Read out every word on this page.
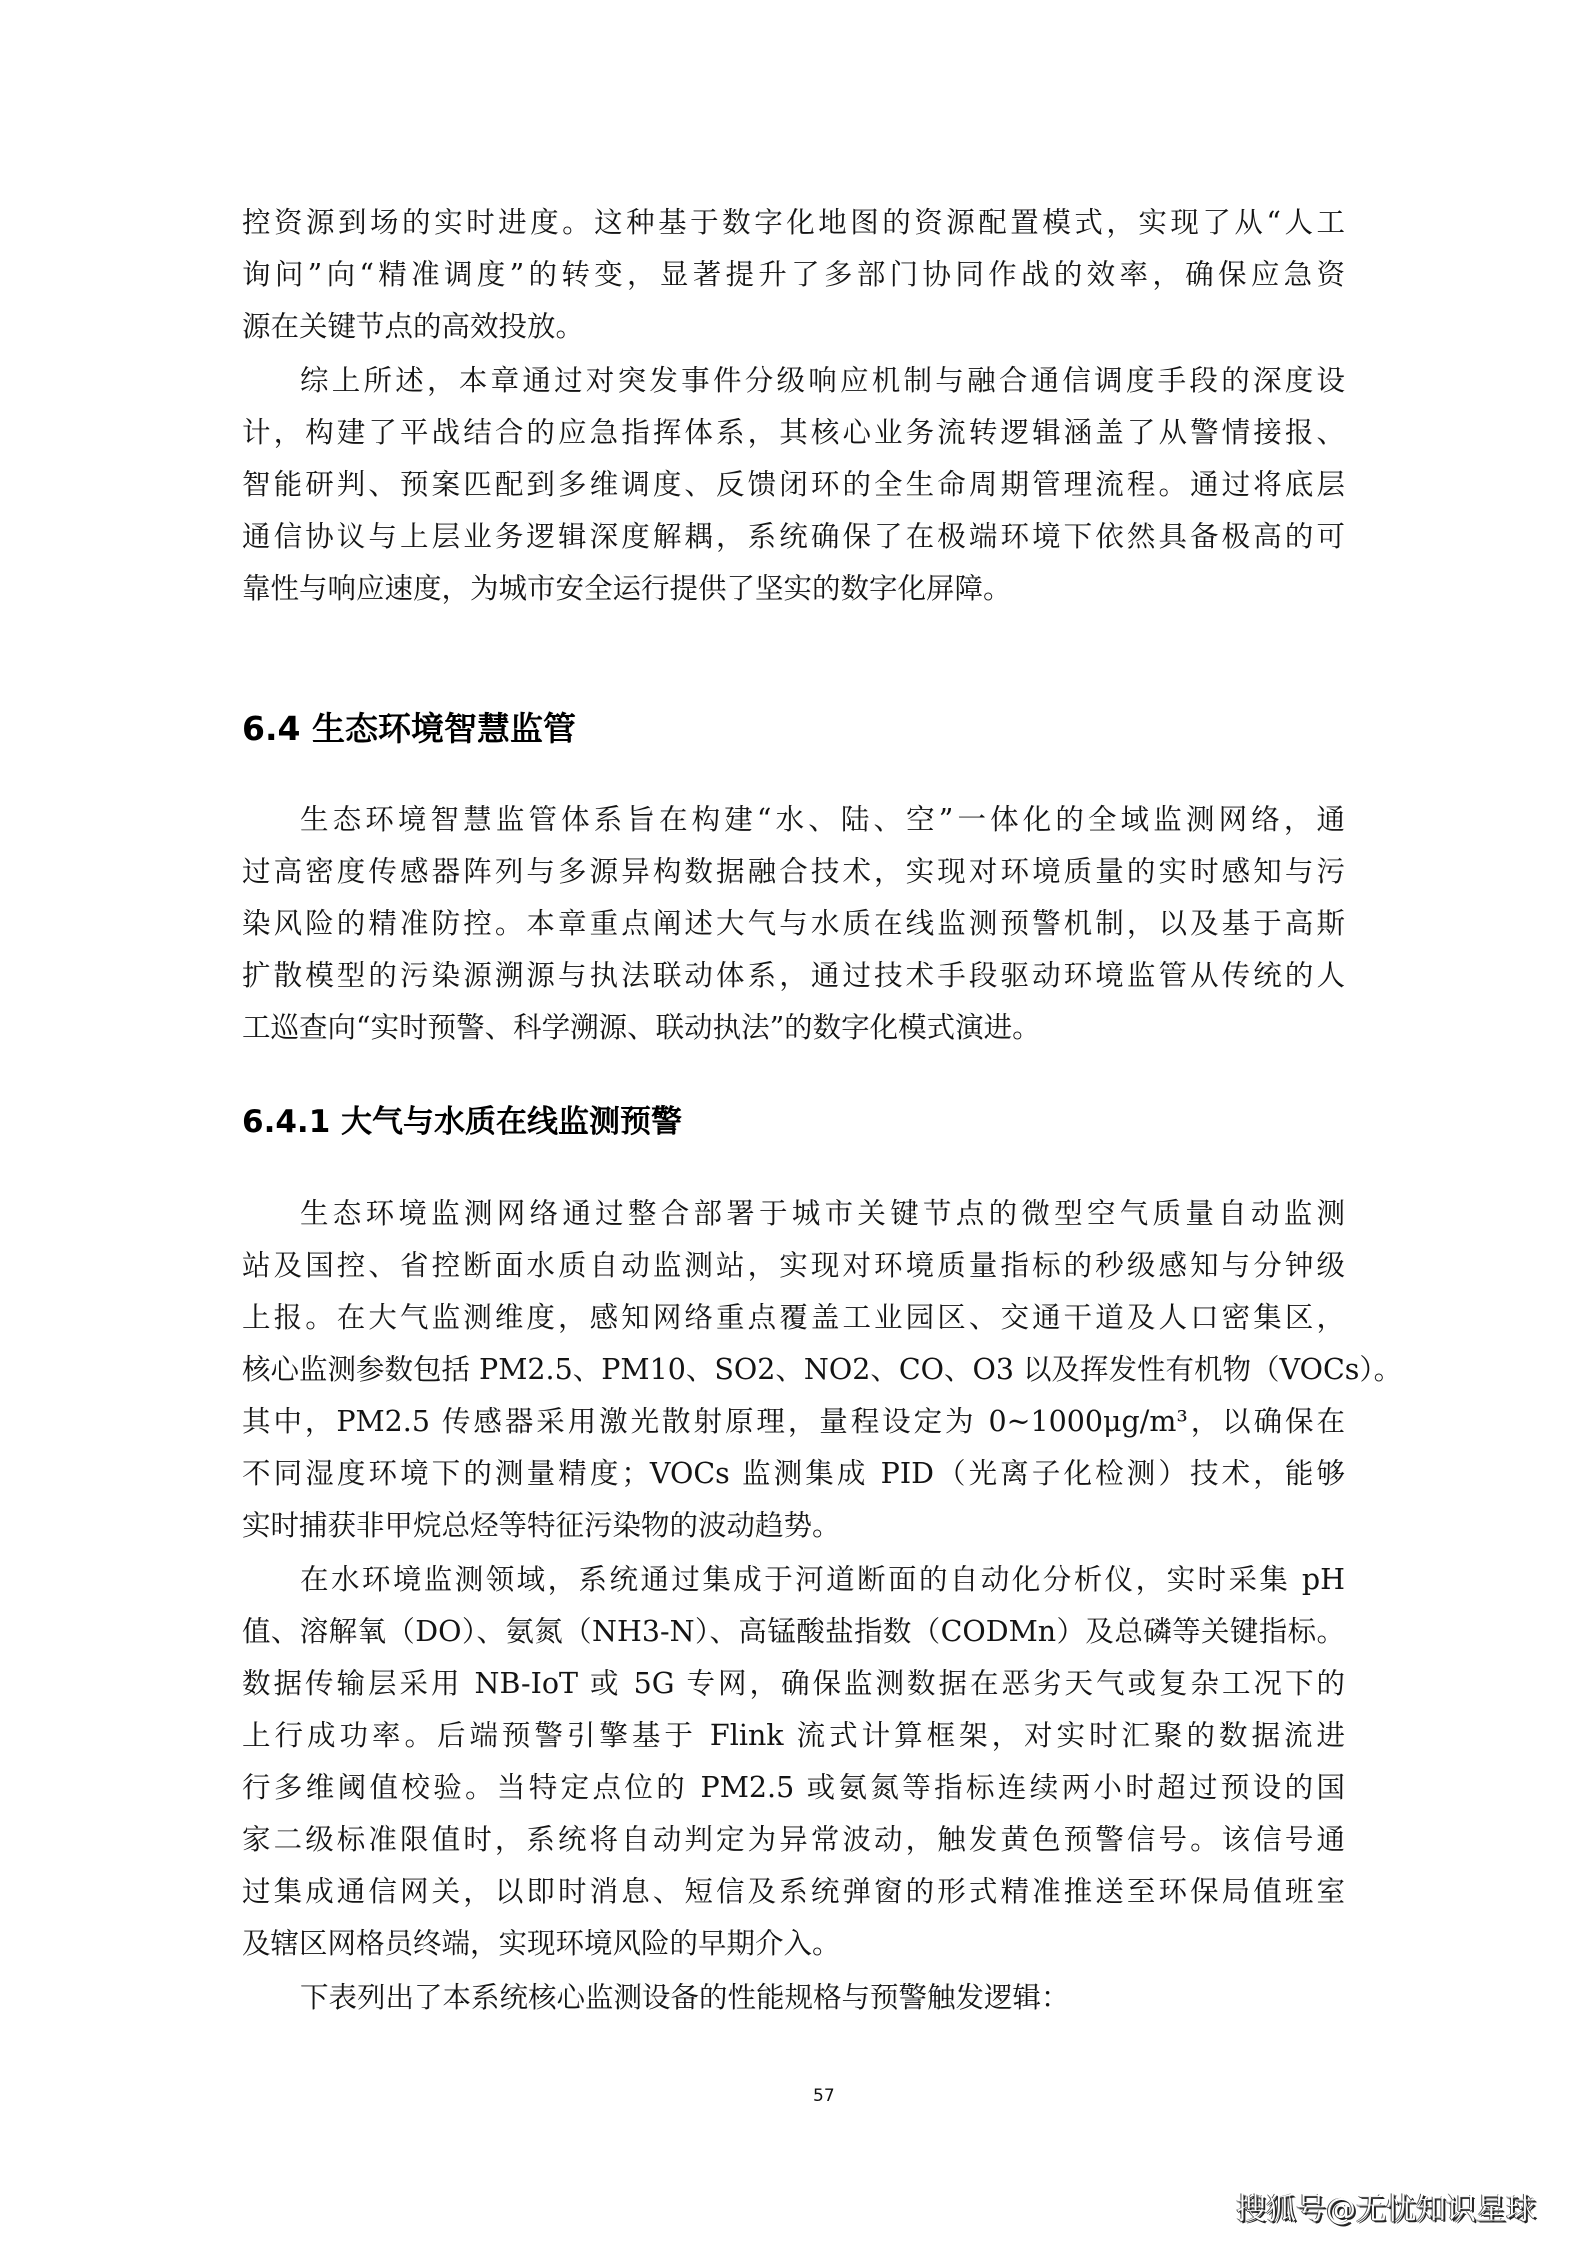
控资源到场的实时进度。这种基于数字化地图的资源配置模式，实现了从“人工
询问”向“精准调度”的转变，显著提升了多部门协同作战的效率，确保应急资
源在关键节点的高效投放。
综上所述，本章通过对突发事件分级响应机制与融合通信调度手段的深度设
计，构建了平战结合的应急指挥体系，其核心业务流转逻辑涵盖了从警情接报、
智能研判、预案匹配到多维调度、反馈闭环的全生命周期管理流程。通过将底层
通信协议与上层业务逻辑深度解耦，系统确保了在极端环境下依然具备极高的可
靠性与响应速度，为城市安全运行提供了坚实的数字化屏障。
6.4 生态环境智慧监管
生态环境智慧监管体系旨在构建“水、陆、空”一体化的全域监测网络，通
过高密度传感器阵列与多源异构数据融合技术，实现对环境质量的实时感知与污
染风险的精准防控。本章重点阐述大气与水质在线监测预警机制，以及基于高斯
扩散模型的污染源溯源与执法联动体系，通过技术手段驱动环境监管从传统的人
工巡查向“实时预警、科学溯源、联动执法”的数字化模式演进。
6.4.1 大气与水质在线监测预警
生态环境监测网络通过整合部署于城市关键节点的微型空气质量自动监测
站及国控、省控断面水质自动监测站，实现对环境质量指标的秒级感知与分钟级
上报。在大气监测维度，感知网络重点覆盖工业园区、交通干道及人口密集区，
核心监测参数包括 PM2.5、PM10、SO2、NO2、CO、O3 以及挥发性有机物（VOCs）。
其中，PM2.5 传感器采用激光散射原理，量程设定为 0~1000μg/m³，以确保在
不同湿度环境下的测量精度；VOCs 监测集成 PID（光离子化检测）技术，能够
实时捕获非甲烷总烃等特征污染物的波动趋势。
在水环境监测领域，系统通过集成于河道断面的自动化分析仪，实时采集 pH
值、溶解氧（DO）、氨氮（NH3-N）、高锰酸盐指数（CODMn）及总磷等关键指标。
数据传输层采用 NB-IoT 或 5G 专网，确保监测数据在恶劣天气或复杂工况下的
上行成功率。后端预警引擎基于 Flink 流式计算框架，对实时汇聚的数据流进
行多维阈值校验。当特定点位的 PM2.5 或氨氮等指标连续两小时超过预设的国
家二级标准限值时，系统将自动判定为异常波动，触发黄色预警信号。该信号通
过集成通信网关，以即时消息、短信及系统弹窗的形式精准推送至环保局值班室
及辖区网格员终端，实现环境风险的早期介入。
下表列出了本系统核心监测设备的性能规格与预警触发逻辑：
57
搜狐号@无忧知识星球
